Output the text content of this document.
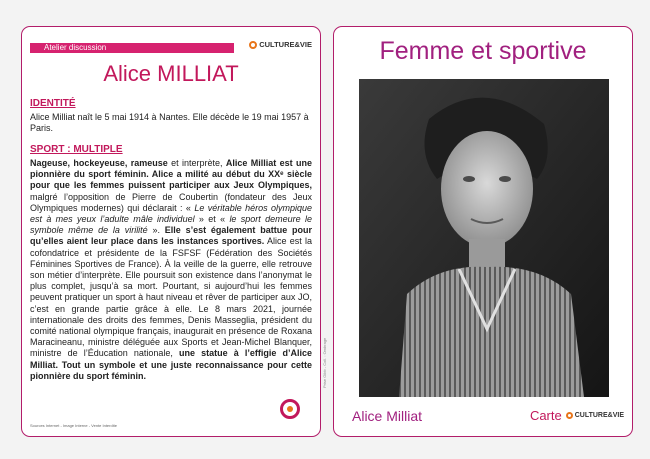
Atelier discussion	CULTURE&VIE
Alice MILLIAT
IDENTITÉ
Alice Milliat naît le 5 mai 1914 à Nantes. Elle décède le 19 mai 1957 à Paris.
SPORT : MULTIPLE
Nageuse, hockeyeuse, rameuse et interprète, Alice Milliat est une pionnière du sport féminin. Alice a milité au début du XXᵉ siècle pour que les femmes puissent participer aux Jeux Olympiques, malgré l’opposition de Pierre de Coubertin (fondateur des Jeux Olympiques modernes) qui déclarait : « Le véritable héros olympique est à mes yeux l’adulte mâle individuel » et « le sport demeure le symbole même de la virilité ». Elle s’est également battue pour qu’elles aient leur place dans les instances sportives. Alice est la cofondatrice et présidente de la FSFSF (Fédération des Sociétés Féminines Sportives de France). À la veille de la guerre, elle retrouve son métier d’interprète. Elle poursuit son existence dans l’anonymat le plus complet, jusqu’à sa mort. Pourtant, si aujourd’hui les femmes peuvent pratiquer un sport à haut niveau et rêver de participer aux JO, c’est en grande partie grâce à elle. Le 8 mars 2021, journée internationale des droits des femmes, Denis Masseglia, président du comité national olympique français, inaugurait en présence de Roxana Maracineanu, ministre déléguée aux Sports et Jean-Michel Blanquer, ministre de l’Éducation nationale, une statue à l’effigie d’Alice Milliat. Tout un symbole et une juste reconnaissance pour cette pionnière du sport féminin.
Sources Internet - Image Interne - Vente Interdite
Prise Gibb - Coll. : Ombrage
Femme et sportive
Alice Milliat	Carte CULTURE&VIE
